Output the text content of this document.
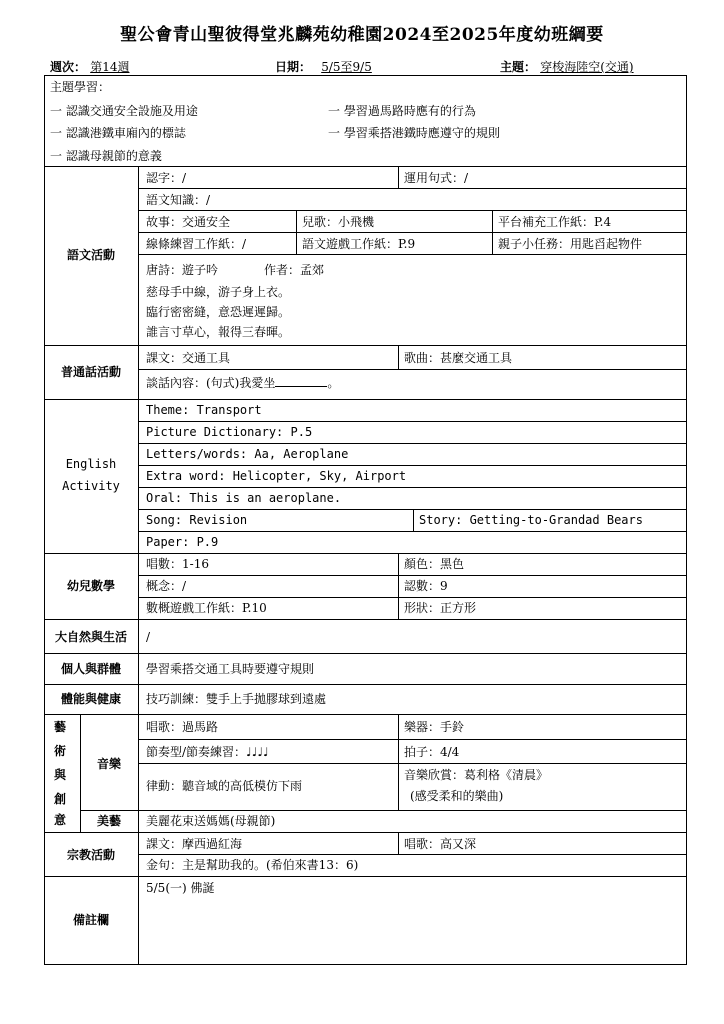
聖公會青山聖彼得堂兆麟苑幼稚園2024至2025年度幼班綱要
週次： 第14週	日期： 5/5至9/5	主題： 穿梭海陸空(交通)
主題學習：
一 認識交通安全設施及用途	一 學習過馬路時應有的行為
一 認識港鐵車廂內的標誌	一 學習乘搭港鐵時應遵守的規則
一 認識母親節的意義
語文活動
認字：/	運用句式：/
語文知識：/
故事：交通安全	兒歌：小飛機	平台補充工作紙：P.4
線條練習工作紙：/	語文遊戲工作紙：P.9	親子小任務：用匙舀起物件
唐詩：遊子吟	作者：孟郊
慈母手中線，游子身上衣。
臨行密密縫，意恐遲遲歸。
誰言寸草心，報得三春暉。
普通話活動
課文：交通工具	歌曲：甚麼交通工具
談話內容：(句式)我愛坐	。
English
Activity
Theme: Transport
Picture Dictionary: P.5
Letters/words: Aa, Aeroplane
Extra word: Helicopter, Sky, Airport
Oral: This is an aeroplane.
Song: Revision	Story: Getting-to-Grandad Bears
Paper: P.9
幼兒數學
唱數：1-16	顏色：黑色
概念：/	認數：9
數概遊戲工作紙：P.10	形狀：正方形
大自然與生活	/
個人與群體	學習乘搭交通工具時要遵守規則
體能與健康	技巧訓練：雙手上手拋膠球到遠處
藝
術
與
創
意
音樂
唱歌：過馬路	樂器：手鈴
節奏型/節奏練習：♩♩♩♩	拍子：4/4
律動：聽音域的高低模仿下雨
音樂欣賞：葛利格《清晨》
(感受柔和的樂曲)
美藝	美麗花束送媽媽(母親節)
宗教活動
課文：摩西過紅海	唱歌：高又深
金句：主是幫助我的。(希伯來書13：6)
備註欄
5/5(一) 佛誕
